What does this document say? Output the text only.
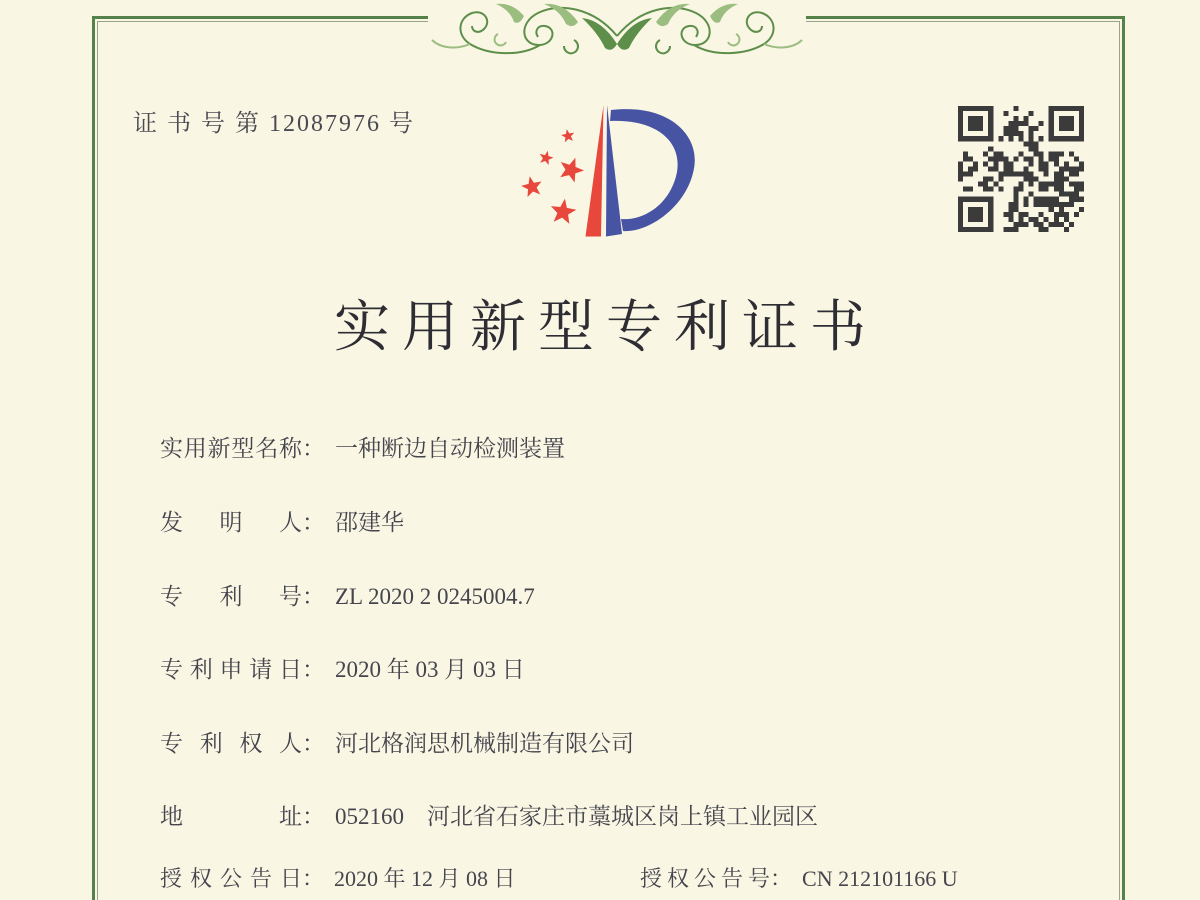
证 书 号 第 12087976 号
实用新型专利证书
实用新型名称： 一种断边自动检测装置
发明人： 邵建华
专利号： ZL 2020 2 0245004.7
专利申请日： 2020 年 03 月 03 日
专利权人： 河北格润思机械制造有限公司
地址： 052160　河北省石家庄市藁城区岗上镇工业园区
授权公告日： 2020 年 12 月 08 日	授权公告号： CN 212101166 U
